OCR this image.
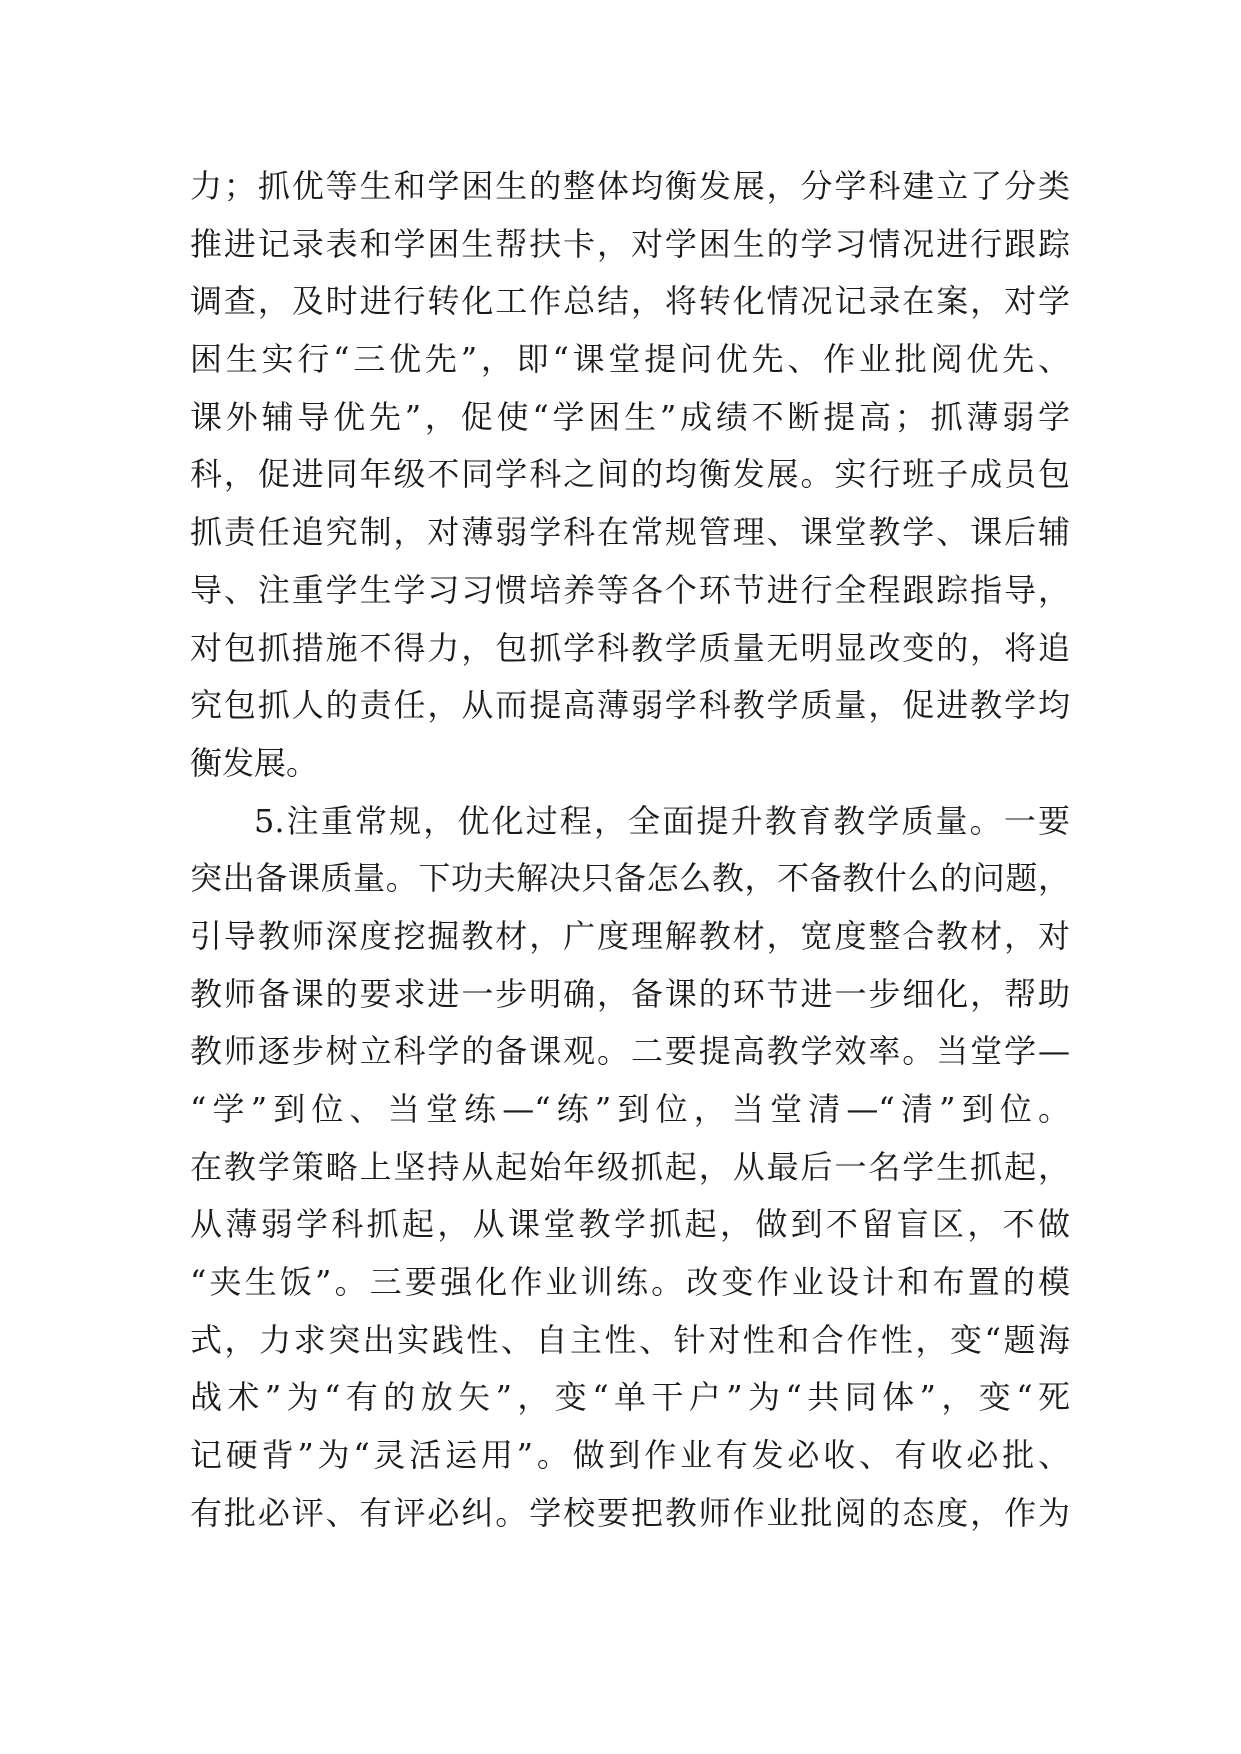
力；抓优等生和学困生的整体均衡发展，分学科建立了分类
推进记录表和学困生帮扶卡，对学困生的学习情况进行跟踪
调查，及时进行转化工作总结，将转化情况记录在案，对学
困生实行“三优先”，即“课堂提问优先、作业批阅优先、
课外辅导优先”，促使“学困生”成绩不断提高；抓薄弱学
科，促进同年级不同学科之间的均衡发展。实行班子成员包
抓责任追究制，对薄弱学科在常规管理、课堂教学、课后辅
导、注重学生学习习惯培养等各个环节进行全程跟踪指导，
对包抓措施不得力，包抓学科教学质量无明显改变的，将追
究包抓人的责任，从而提高薄弱学科教学质量，促进教学均
衡发展。
5.注重常规，优化过程，全面提升教育教学质量。一要
突出备课质量。下功夫解决只备怎么教，不备教什么的问题，
引导教师深度挖掘教材，广度理解教材，宽度整合教材，对
教师备课的要求进一步明确，备课的环节进一步细化，帮助
教师逐步树立科学的备课观。二要提高教学效率。当堂学—
“学”到位、当堂练—“练”到位，当堂清—“清”到位。
在教学策略上坚持从起始年级抓起，从最后一名学生抓起，
从薄弱学科抓起，从课堂教学抓起，做到不留盲区，不做
“夹生饭”。三要强化作业训练。改变作业设计和布置的模
式，力求突出实践性、自主性、针对性和合作性，变“题海
战术”为“有的放矢”，变“单干户”为“共同体”，变“死
记硬背”为“灵活运用”。做到作业有发必收、有收必批、
有批必评、有评必纠。学校要把教师作业批阅的态度，作为
